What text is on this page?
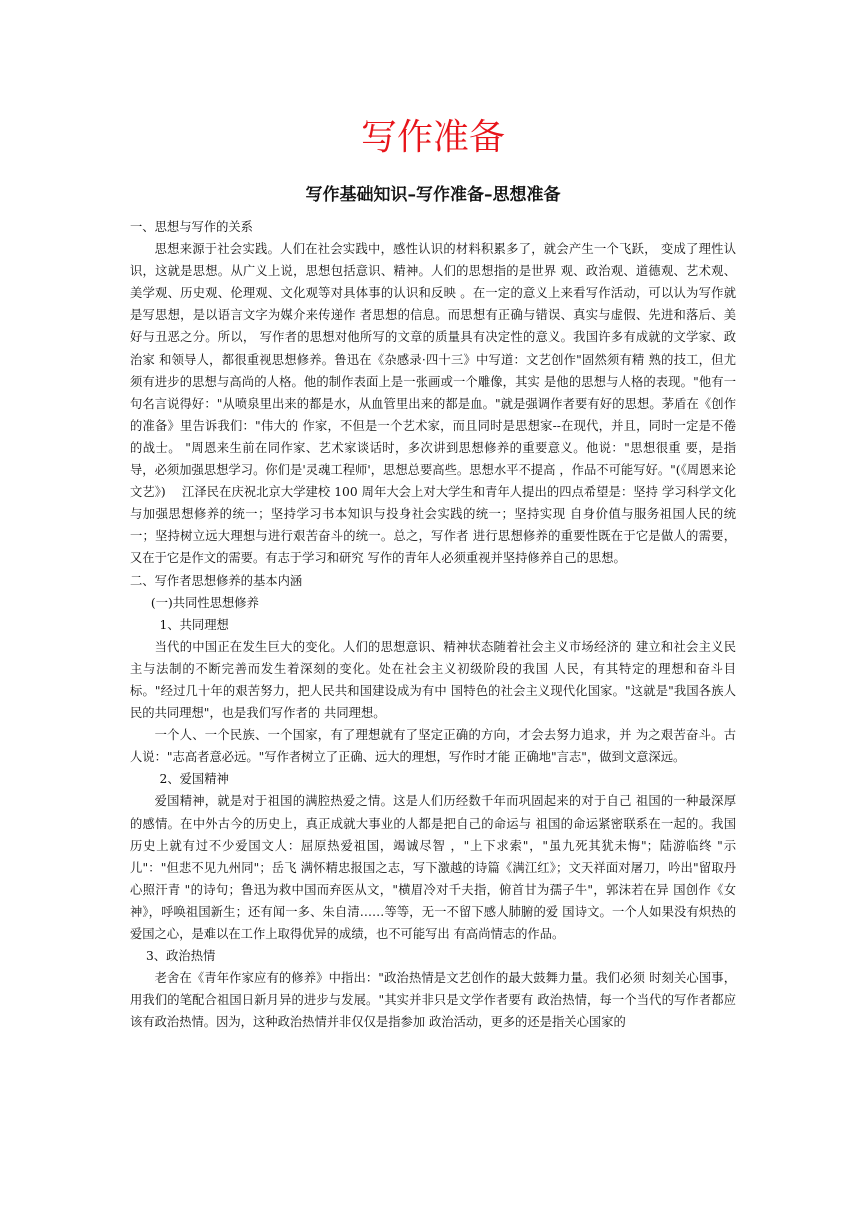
写作准备
写作基础知识–写作准备–思想准备

一、思想与写作的关系

思想来源于社会实践。人们在社会实践中，感性认识的材料积累多了，就会产生一个飞跃， 变成了理性认识，这就是思想。从广义上说，思想包括意识、精神。人们的思想指的是世界 观、政治观、道德观、艺术观、美学观、历史观、伦理观、文化观等对具体事的认识和反映 。在一定的意义上来看写作活动，可以认为写作就是写思想，是以语言文字为媒介来传递作 者思想的信息。而思想有正确与错误、真实与虚假、先进和落后、美好与丑恶之分。所以， 写作者的思想对他所写的文章的质量具有决定性的意义。我国许多有成就的文学家、政治家 和领导人，都很重视思想修养。鲁迅在《杂感录·四十三》中写道：文艺创作"固然须有精 熟的技工，但尤须有进步的思想与高尚的人格。他的制作表面上是一张画或一个雕像，其实 是他的思想与人格的表现。"他有一句名言说得好："从喷泉里出来的都是水，从血管里出来的都是血。"就是强调作者要有好的思想。茅盾在《创作的准备》里告诉我们："伟大的 作家，不但是一个艺术家，而且同时是思想家--在现代，并且，同时一定是不倦的战士。 "周恩来生前在同作家、艺术家谈话时，多次讲到思想修养的重要意义。他说："思想很重 要，是指导，必须加强思想学习。你们是'灵魂工程师'，思想总要高些。思想水平不提高 ，作品不可能写好。"(《周恩来论文艺》)　 江泽民在庆祝北京大学建校 100 周年大会上对大学生和青年人提出的四点希望是：坚持 学习科学文化与加强思想修养的统一；坚持学习书本知识与投身社会实践的统一；坚持实现 自身价值与服务祖国人民的统一；坚持树立远大理想与进行艰苦奋斗的统一。总之，写作者 进行思想修养的重要性既在于它是做人的需要，又在于它是作文的需要。有志于学习和研究 写作的青年人必须重视并坚持修养自己的思想。

二、写作者思想修养的基本内涵

(一)共同性思想修养

1、共同理想

当代的中国正在发生巨大的变化。人们的思想意识、精神状态随着社会主义市场经济的 建立和社会主义民主与法制的不断完善而发生着深刻的变化。处在社会主义初级阶段的我国 人民，有其特定的理想和奋斗目标。"经过几十年的艰苦努力，把人民共和国建设成为有中 国特色的社会主义现代化国家。"这就是"我国各族人民的共同理想"，也是我们写作者的 共同理想。

一个人、一个民族、一个国家，有了理想就有了坚定正确的方向，才会去努力追求，并 为之艰苦奋斗。古人说："志高者意必远。"写作者树立了正确、远大的理想，写作时才能 正确地"言志"，做到文意深远。

2、爱国精神

爱国精神，就是对于祖国的满腔热爱之情。这是人们历经数千年而巩固起来的对于自己 祖国的一种最深厚的感情。在中外古今的历史上，真正成就大事业的人都是把自己的命运与 祖国的命运紧密联系在一起的。我国历史上就有过不少爱国文人：屈原热爱祖国，竭诚尽智 ，"上下求索"，"虽九死其犹未悔"；陆游临终 "示儿"："但悲不见九州同"；岳飞 满怀精忠报国之志，写下激越的诗篇《满江红》；文天祥面对屠刀，吟出"留取丹心照汗青 "的诗句；鲁迅为救中国而弃医从文，"横眉冷对千夫指，俯首甘为孺子牛"，郭沫若在异 国创作《女神》，呼唤祖国新生；还有闻一多、朱自清……等等，无一不留下感人肺腑的爱 国诗文。一个人如果没有炽热的爱国之心，是难以在工作上取得优异的成绩，也不可能写出 有高尚情志的作品。

3、政治热情

老舍在《青年作家应有的修养》中指出："政治热情是文艺创作的最大鼓舞力量。我们必须 时刻关心国事，用我们的笔配合祖国日新月异的进步与发展。"其实并非只是文学作者要有 政治热情，每一个当代的写作者都应该有政治热情。因为，这种政治热情并非仅仅是指参加 政治活动，更多的还是指关心国家的
